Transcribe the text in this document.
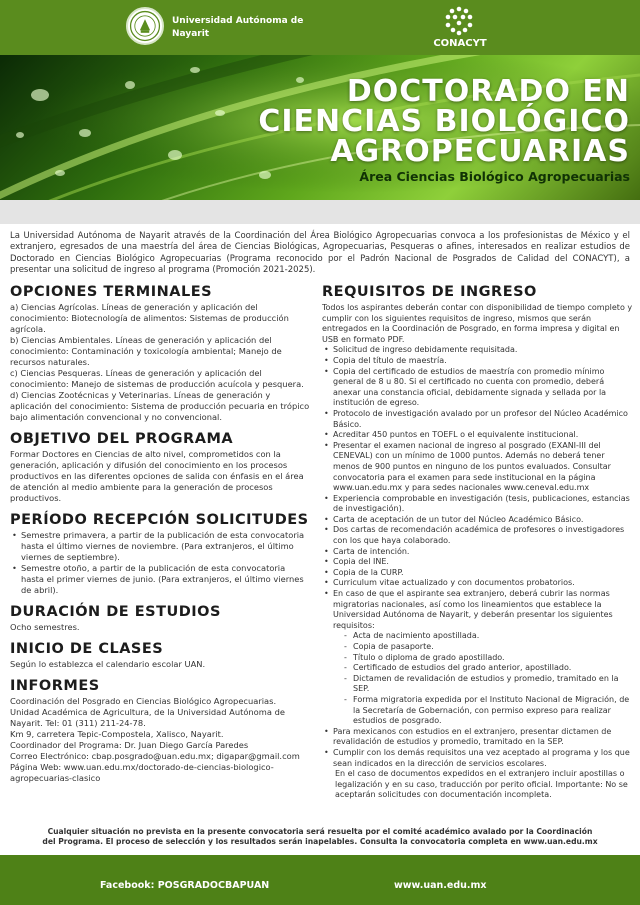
Universidad Autónoma de Nayarit
CONACYT
DOCTORADO EN
CIENCIAS BIOLÓGICO
AGROPECUARIAS
Área Ciencias Biológico Agropecuarias

La Universidad Autónoma de Nayarit através de la Coordinación del Área Biológico Agropecuarias convoca a los profesionistas de México y el extranjero, egresados de una maestría del área de Ciencias Biológicas, Agropecuarias, Pesqueras o afines, interesados en realizar estudios de Doctorado en Ciencias Biológico Agropecuarias (Programa reconocido por el Padrón Nacional de Posgrados de Calidad del CONACYT), a presentar una solicitud de ingreso al programa (Promoción 2021-2025).

OPCIONES TERMINALES

a) Ciencias Agrícolas. Líneas de generación y aplicación del conocimiento: Biotecnología de alimentos: Sistemas de producción agrícola.

b) Ciencias Ambientales. Líneas de generación y aplicación del conocimiento: Contaminación y toxicología ambiental; Manejo de recursos naturales.

c) Ciencias Pesqueras. Líneas de generación y aplicación del conocimiento: Manejo de sistemas de producción acuícola y pesquera.

d) Ciencias Zootécnicas y Veterinarias. Líneas de generación y aplicación del conocimiento: Sistema de producción pecuaria en trópico bajo alimentación convencional y no convencional.

OBJETIVO DEL PROGRAMA

Formar Doctores en Ciencias de alto nivel, comprometidos con la generación, aplicación y difusión del conocimiento en los procesos productivos en las diferentes opciones de salida con énfasis en el área de atención al medio ambiente para la generación de procesos productivos.

PERÍODO RECEPCIÓN SOLICITUDES
• Semestre primavera, a partir de la publicación de esta convocatoria hasta el último viernes de noviembre. (Para extranjeros, el último viernes de septiembre).
• Semestre otoño, a partir de la publicación de esta convocatoria hasta el primer viernes de junio. (Para extranjeros, el último viernes de abril).
DURACIÓN DE ESTUDIOS

Ocho semestres.

INICIO DE CLASES

Según lo establezca el calendario escolar UAN.

INFORMES

Coordinación del Posgrado en Ciencias Biológico Agropecuarias.

Unidad Académica de Agricultura, de la Universidad Autónoma de Nayarit. Tel: 01 (311) 211-24-78.

Km 9, carretera Tepic-Compostela, Xalisco, Nayarit.

Coordinador del Programa: Dr. Juan Diego García Paredes

Correo Electrónico: cbap.posgrado@uan.edu.mx; digapar@gmail.com

Página Web: www.uan.edu.mx/doctorado-de-ciencias-biologico-agropecuarias-clasico

REQUISITOS DE INGRESO

Todos los aspirantes deberán contar con disponibilidad de tiempo completo y cumplir con los siguientes requisitos de ingreso, mismos que serán entregados en la Coordinación de Posgrado, en forma impresa y digital en USB en formato PDF.

• Solicitud de ingreso debidamente requisitada.
• Copia del título de maestría.
• Copia del certificado de estudios de maestría con promedio mínimo general de 8 u 80. Si el certificado no cuenta con promedio, deberá anexar una constancia oficial, debidamente signada y sellada por la institución de egreso.
• Protocolo de investigación avalado por un profesor del Núcleo Académico Básico.
• Acreditar 450 puntos en TOEFL o el equivalente institucional.
• Presentar el examen nacional de ingreso al posgrado (EXANI-III del CENEVAL) con un mínimo de 1000 puntos. Además no deberá tener menos de 900 puntos en ninguno de los puntos evaluados. Consultar convocatoria para el examen para sede institucional en la página www.uan.edu.mx y para sedes nacionales www.ceneval.edu.mx
• Experiencia comprobable en investigación (tesis, publicaciones, estancias de investigación).
• Carta de aceptación de un tutor del Núcleo Académico Básico.
• Dos cartas de recomendación académica de profesores o investigadores con los que haya colaborado.
• Carta de intención.
• Copia del INE.
• Copia de la CURP.
• Curriculum vitae actualizado y con documentos probatorios.
• En caso de que el aspirante sea extranjero, deberá cubrir las normas migratorias nacionales, así como los lineamientos que establece la Universidad Autónoma de Nayarit, y deberán presentar los siguientes requisitos:
- Acta de nacimiento apostillada.
- Copia de pasaporte.
- Título o diploma de grado apostillado.
- Certificado de estudios del grado anterior, apostillado.
- Dictamen de revalidación de estudios y promedio, tramitado en la SEP.
- Forma migratoria expedida por el Instituto Nacional de Migración, de la Secretaría de Gobernación, con permiso expreso para realizar estudios de posgrado.
• Para mexicanos con estudios en el extranjero, presentar dictamen de revalidación de estudios y promedio, tramitado en la SEP.
• Cumplir con los demás requisitos una vez aceptado al programa y los que sean indicados en la dirección de servicios escolares.

En el caso de documentos expedidos en el extranjero incluir apostillas o legalización y en su caso, traducción por perito oficial. Importante: No se aceptarán solicitudes con documentación incompleta.

Cualquier situación no prevista en la presente convocatoria será resuelta por el comité académico avalado por la Coordinación del Programa. El proceso de selección y los resultados serán inapelables. Consulta la convocatoria completa en www.uan.edu.mx

Facebook: POSGRADOCBAPUAN	www.uan.edu.mx
